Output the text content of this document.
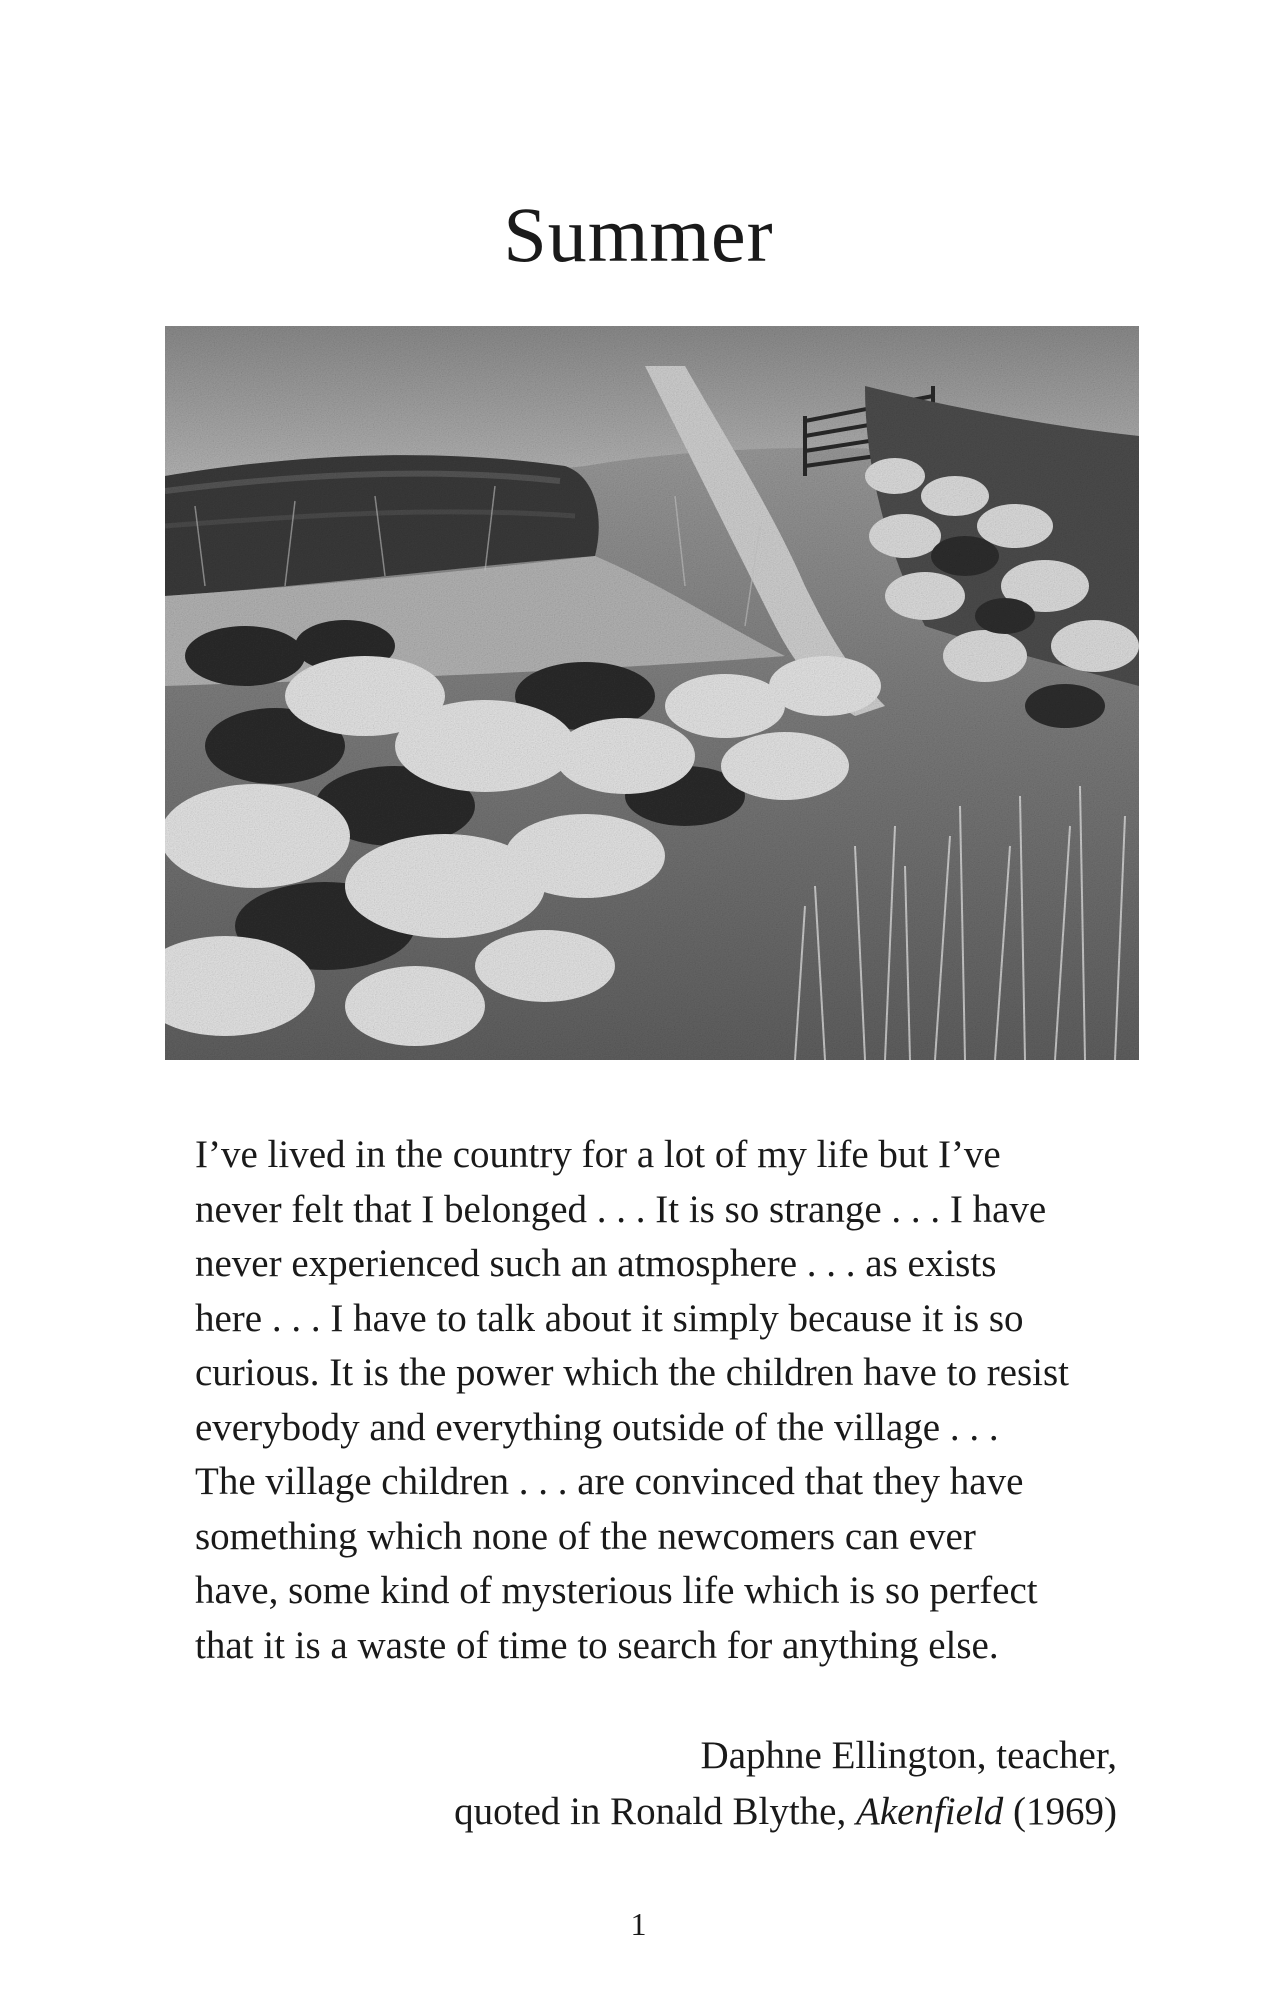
Summer

I’ve lived in the country for a lot of my life but I’ve
never felt that I belonged . . . It is so strange . . . I have
never experienced such an atmosphere . . . as exists
here . . . I have to talk about it simply because it is so
curious. It is the power which the children have to resist
everybody and everything outside of the village . . .
The village children . . . are convinced that they have
something which none of the newcomers can ever
have, some kind of mysterious life which is so perfect
that it is a waste of time to search for anything else.

Daphne Ellington, teacher,
quoted in Ronald Blythe, Akenfield (1969)
1
